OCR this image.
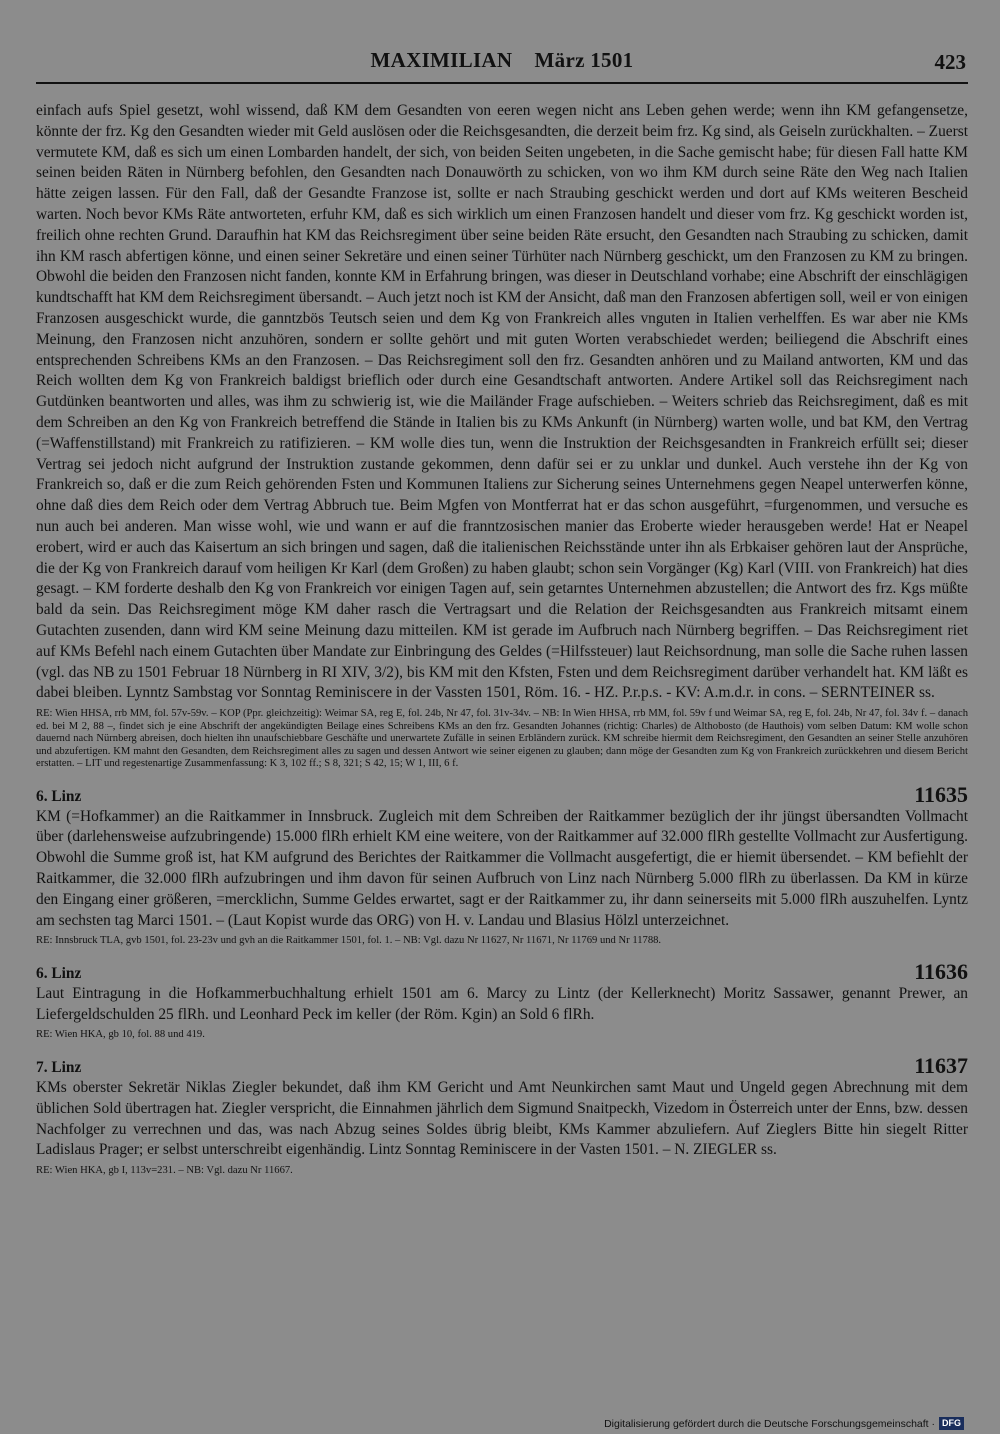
MAXIMILIAN    März 1501	423

einfach aufs Spiel gesetzt, wohl wissend, daß KM dem Gesandten von eeren wegen nicht ans Leben gehen werde; wenn ihn KM gefangensetze, könnte der frz. Kg den Gesandten wieder mit Geld auslösen oder die Reichsgesandten, die derzeit beim frz. Kg sind, als Geiseln zurückhalten. – Zuerst vermutete KM, daß es sich um einen Lombarden handelt, der sich, von beiden Seiten ungebeten, in die Sache gemischt habe; für diesen Fall hatte KM seinen beiden Räten in Nürnberg befohlen, den Gesandten nach Donauwörth zu schicken, von wo ihm KM durch seine Räte den Weg nach Italien hätte zeigen lassen. Für den Fall, daß der Gesandte Franzose ist, sollte er nach Straubing geschickt werden und dort auf KMs weiteren Bescheid warten. Noch bevor KMs Räte antworteten, erfuhr KM, daß es sich wirklich um einen Franzosen handelt und dieser vom frz. Kg geschickt worden ist, freilich ohne rechten Grund. Daraufhin hat KM das Reichsregiment über seine beiden Räte ersucht, den Gesandten nach Straubing zu schicken, damit ihn KM rasch abfertigen könne, und einen seiner Sekretäre und einen seiner Türhüter nach Nürnberg geschickt, um den Franzosen zu KM zu bringen. Obwohl die beiden den Franzosen nicht fanden, konnte KM in Erfahrung bringen, was dieser in Deutschland vorhabe; eine Abschrift der einschlägigen kundtschafft hat KM dem Reichsregiment übersandt. – Auch jetzt noch ist KM der Ansicht, daß man den Franzosen abfertigen soll, weil er von einigen Franzosen ausgeschickt wurde, die ganntzbös Teutsch seien und dem Kg von Frankreich alles vnguten in Italien verhelffen. Es war aber nie KMs Meinung, den Franzosen nicht anzuhören, sondern er sollte gehört und mit guten Worten verabschiedet werden; beiliegend die Abschrift eines entsprechenden Schreibens KMs an den Franzosen. – Das Reichsregiment soll den frz. Gesandten anhören und zu Mailand antworten, KM und das Reich wollten dem Kg von Frankreich baldigst brieflich oder durch eine Gesandtschaft antworten. Andere Artikel soll das Reichsregiment nach Gutdünken beantworten und alles, was ihm zu schwierig ist, wie die Mailänder Frage aufschieben. – Weiters schrieb das Reichsregiment, daß es mit dem Schreiben an den Kg von Frankreich betreffend die Stände in Italien bis zu KMs Ankunft (in Nürnberg) warten wolle, und bat KM, den Vertrag (=Waffenstillstand) mit Frankreich zu ratifizieren. – KM wolle dies tun, wenn die Instruktion der Reichsgesandten in Frankreich erfüllt sei; dieser Vertrag sei jedoch nicht aufgrund der Instruktion zustande gekommen, denn dafür sei er zu unklar und dunkel. Auch verstehe ihn der Kg von Frankreich so, daß er die zum Reich gehörenden Fsten und Kommunen Italiens zur Sicherung seines Unternehmens gegen Neapel unterwerfen könne, ohne daß dies dem Reich oder dem Vertrag Abbruch tue. Beim Mgfen von Montferrat hat er das schon ausgeführt, =furgenommen, und versuche es nun auch bei anderen. Man wisse wohl, wie und wann er auf die franntzosischen manier das Eroberte wieder herausgeben werde! Hat er Neapel erobert, wird er auch das Kaisertum an sich bringen und sagen, daß die italienischen Reichsstände unter ihn als Erbkaiser gehören laut der Ansprüche, die der Kg von Frankreich darauf vom heiligen Kr Karl (dem Großen) zu haben glaubt; schon sein Vorgänger (Kg) Karl (VIII. von Frankreich) hat dies gesagt. – KM forderte deshalb den Kg von Frankreich vor einigen Tagen auf, sein getarntes Unternehmen abzustellen; die Antwort des frz. Kgs müßte bald da sein. Das Reichsregiment möge KM daher rasch die Vertragsart und die Relation der Reichsgesandten aus Frankreich mitsamt einem Gutachten zusenden, dann wird KM seine Meinung dazu mitteilen. KM ist gerade im Aufbruch nach Nürnberg begriffen. – Das Reichsregiment riet auf KMs Befehl nach einem Gutachten über Mandate zur Einbringung des Geldes (=Hilfssteuer) laut Reichsordnung, man solle die Sache ruhen lassen (vgl. das NB zu 1501 Februar 18 Nürnberg in RI XIV, 3/2), bis KM mit den Kfsten, Fsten und dem Reichsregiment darüber verhandelt hat. KM läßt es dabei bleiben. Lynntz Sambstag vor Sonntag Reminiscere in der Vassten 1501, Röm. 16. - HZ. P.r.p.s. - KV: A.m.d.r. in cons. – SERNTEINER ss.

RE: Wien HHSA, rrb MM, fol. 57v-59v. – KOP (Ppr. gleichzeitig): Weimar SA, reg E, fol. 24b, Nr 47, fol. 31v-34v. – NB: In Wien HHSA, rrb MM, fol. 59v f und Weimar SA, reg E, fol. 24b, Nr 47, fol. 34v f. – danach ed. bei M 2, 88 –, findet sich je eine Abschrift der angekündigten Beilage eines Schreibens KMs an den frz. Gesandten Johannes (richtig: Charles) de Althobosto (de Hauthois) vom selben Datum: KM wolle schon dauernd nach Nürnberg abreisen, doch hielten ihn unaufschiebbare Geschäfte und unerwartete Zufälle in seinen Erbländern zurück. KM schreibe hiermit dem Reichsregiment, den Gesandten an seiner Stelle anzuhören und abzufertigen. KM mahnt den Gesandten, dem Reichsregiment alles zu sagen und dessen Antwort wie seiner eigenen zu glauben; dann möge der Gesandten zum Kg von Frankreich zurückkehren und diesem Bericht erstatten. – LIT und regestenartige Zusammenfassung: K 3, 102 ff.; S 8, 321; S 42, 15; W 1, III, 6 f.

6. Linz	11635

KM (=Hofkammer) an die Raitkammer in Innsbruck. Zugleich mit dem Schreiben der Raitkammer bezüglich der ihr jüngst übersandten Vollmacht über (darlehensweise aufzubringende) 15.000 flRh erhielt KM eine weitere, von der Raitkammer auf 32.000 flRh gestellte Vollmacht zur Ausfertigung. Obwohl die Summe groß ist, hat KM aufgrund des Berichtes der Raitkammer die Vollmacht ausgefertigt, die er hiemit übersendet. – KM befiehlt der Raitkammer, die 32.000 flRh aufzubringen und ihm davon für seinen Aufbruch von Linz nach Nürnberg 5.000 flRh zu überlassen. Da KM in kürze den Eingang einer größeren, =mercklichn, Summe Geldes erwartet, sagt er der Raitkammer zu, ihr dann seinerseits mit 5.000 flRh auszuhelfen. Lyntz am sechsten tag Marci 1501. – (Laut Kopist wurde das ORG) von H. v. Landau und Blasius Hölzl unterzeichnet.

RE: Innsbruck TLA, gvb 1501, fol. 23-23v und gvh an die Raitkammer 1501, fol. 1. – NB: Vgl. dazu Nr 11627, Nr 11671, Nr 11769 und Nr 11788.

6. Linz	11636

Laut Eintragung in die Hofkammerbuchhaltung erhielt 1501 am 6. Marcy zu Lintz (der Kellerknecht) Moritz Sassawer, genannt Prewer, an Liefergeldschulden 25 flRh. und Leonhard Peck im keller (der Röm. Kgin) an Sold 6 flRh.

RE: Wien HKA, gb 10, fol. 88 und 419.

7. Linz	11637

KMs oberster Sekretär Niklas Ziegler bekundet, daß ihm KM Gericht und Amt Neunkirchen samt Maut und Ungeld gegen Abrechnung mit dem üblichen Sold übertragen hat. Ziegler verspricht, die Einnahmen jährlich dem Sigmund Snaitpeckh, Vizedom in Österreich unter der Enns, bzw. dessen Nachfolger zu verrechnen und das, was nach Abzug seines Soldes übrig bleibt, KMs Kammer abzuliefern. Auf Zieglers Bitte hin siegelt Ritter Ladislaus Prager; er selbst unterschreibt eigenhändig. Lintz Sonntag Reminiscere in der Vasten 1501. – N. ZIEGLER ss.

RE: Wien HKA, gb I, 113v=231. – NB: Vgl. dazu Nr 11667.

Digitalisierung gefördert durch die Deutsche Forschungsgemeinschaft · DFG
